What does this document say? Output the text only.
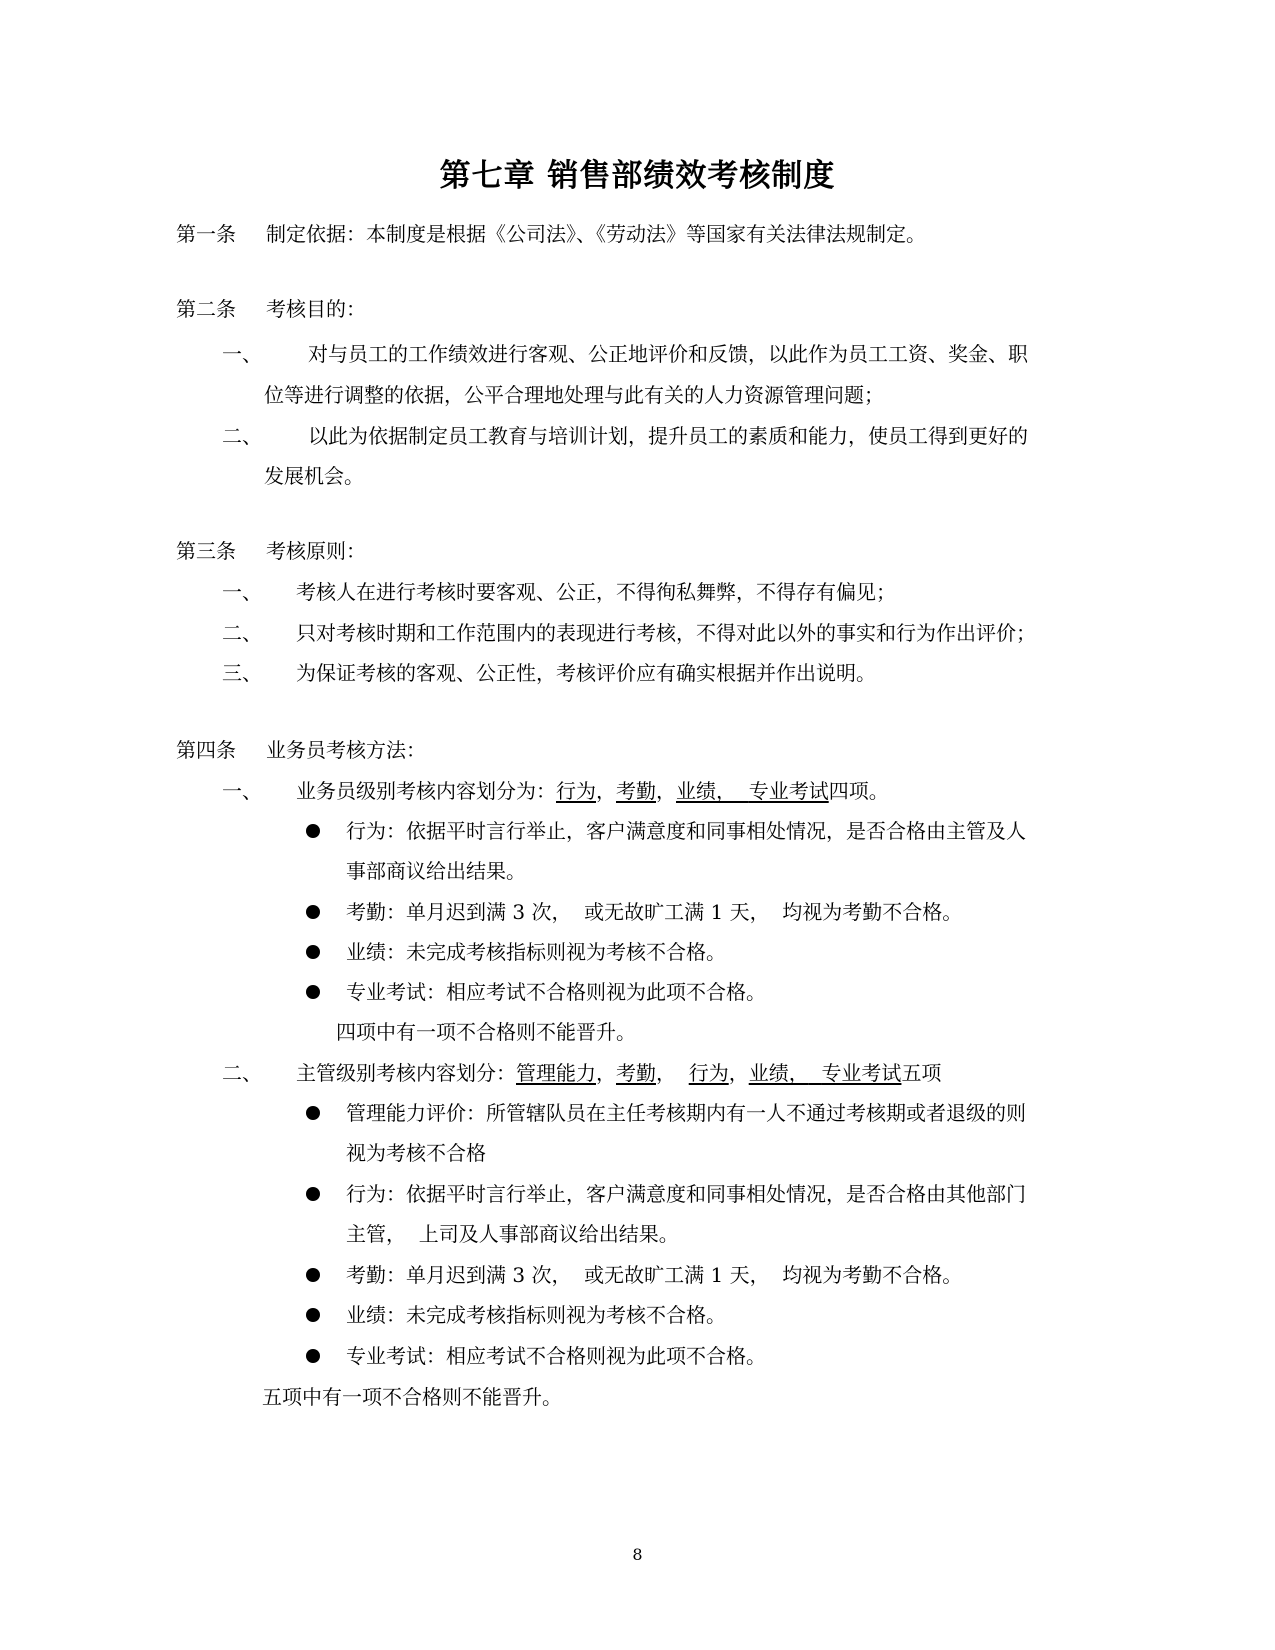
第七章 销售部绩效考核制度
第一条 制定依据：本制度是根据《公司法》、《劳动法》等国家有关法律法规制定。
第二条 考核目的：
一、 对与员工的工作绩效进行客观、公正地评价和反馈，以此作为员工工资、奖金、职
位等进行调整的依据，公平合理地处理与此有关的人力资源管理问题；
二、 以此为依据制定员工教育与培训计划，提升员工的素质和能力，使员工得到更好的
发展机会。
第三条 考核原则：
一、 考核人在进行考核时要客观、公正，不得徇私舞弊，不得存有偏见；
二、 只对考核时期和工作范围内的表现进行考核，不得对此以外的事实和行为作出评价；
三、 为保证考核的客观、公正性，考核评价应有确实根据并作出说明。
第四条 业务员考核方法：
一、 业务员级别考核内容划分为：行为，考勤，业绩， 专业考试四项。
行为：依据平时言行举止，客户满意度和同事相处情况，是否合格由主管及人
事部商议给出结果。
考勤：单月迟到满 3 次，  或无故旷工满 1 天，  均视为考勤不合格。
业绩：未完成考核指标则视为考核不合格。
专业考试：相应考试不合格则视为此项不合格。
四项中有一项不合格则不能晋升。
二、 主管级别考核内容划分：管理能力，考勤，  行为，业绩， 专业考试五项
管理能力评价：所管辖队员在主任考核期内有一人不通过考核期或者退级的则
视为考核不合格
行为：依据平时言行举止，客户满意度和同事相处情况，是否合格由其他部门
主管，  上司及人事部商议给出结果。
考勤：单月迟到满 3 次，  或无故旷工满 1 天，  均视为考勤不合格。
业绩：未完成考核指标则视为考核不合格。
专业考试：相应考试不合格则视为此项不合格。
五项中有一项不合格则不能晋升。
8
